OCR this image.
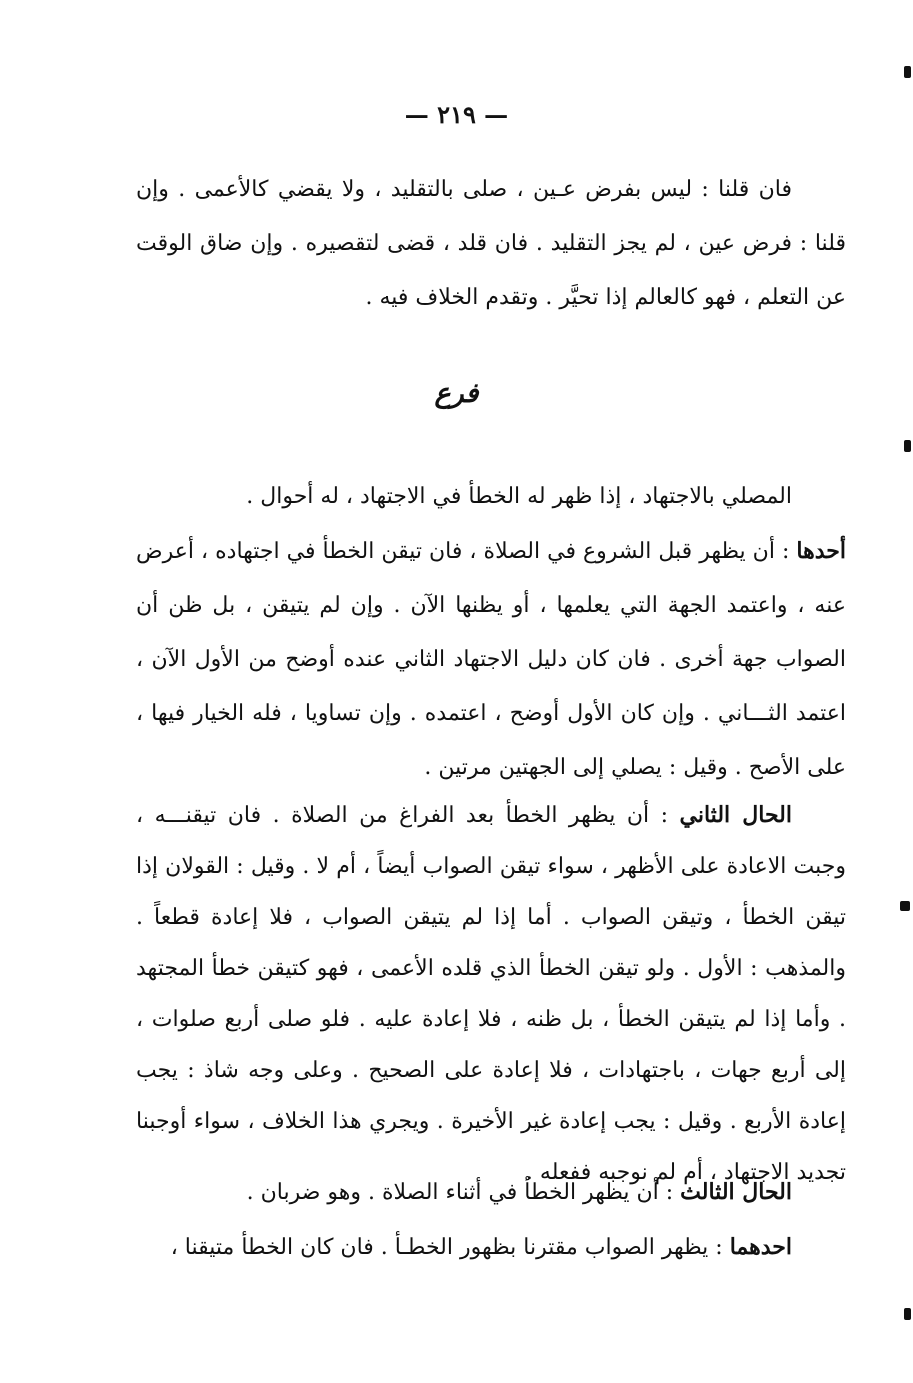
— ٢١٩ —

فان قلنا : ليس بفرض عـين ، صلى بالتقليد ، ولا يقضي كالأعمى . وإن قلنا : فرض عين ، لم يجز التقليد . فان قلد ، قضى لتقصيره . وإن ضاق الوقت عن التعلم ، فهو كالعالم إذا تحيَّر . وتقدم الخلاف فيه .

فرع

المصلي بالاجتهاد ، إذا ظهر له الخطأ في الاجتهاد ، له أحوال .

أحدها : أن يظهر قبل الشروع في الصلاة ، فان تيقن الخطأ في اجتهاده ، أعرض عنه ، واعتمد الجهة التي يعلمها ، أو يظنها الآن . وإن لم يتيقن ، بل ظن أن الصواب جهة أخرى . فان كان دليل الاجتهاد الثاني عنده أوضح من الأول الآن ، اعتمد الثـــاني . وإن كان الأول أوضح ، اعتمده . وإن تساويا ، فله الخيار فيها ، على الأصح . وقيل : يصلي إلى الجهتين مرتين .

الحال الثاني : أن يظهر الخطأ بعد الفراغ من الصلاة . فان تيقنـــه ، وجبت الاعادة على الأظهر ، سواء تيقن الصواب أيضاً ، أم لا . وقيل : القولان إذا تيقن الخطأ ، وتيقن الصواب . أما إذا لم يتيقن الصواب ، فلا إعادة قطعاً . والمذهب : الأول . ولو تيقن الخطأ الذي قلده الأعمى ، فهو كتيقن خطأ المجتهد . وأما إذا لم يتيقن الخطأ ، بل ظنه ، فلا إعادة عليه . فلو صلى أربع صلوات ، إلى أربع جهات ، باجتهادات ، فلا إعادة على الصحيح . وعلى وجه شاذ : يجب إعادة الأربع . وقيل : يجب إعادة غير الأخيرة . ويجري هذا الخلاف ، سواء أوجبنا تجديد الاجتهاد ، أم لم نوجبه ففعله .

الحال الثالث : أن يظهر الخطأ في أثناء الصلاة . وهو ضربان .

احدهما : يظهر الصواب مقترنا بظهور الخطـأ . فان كان الخطأ متيقنا ،
